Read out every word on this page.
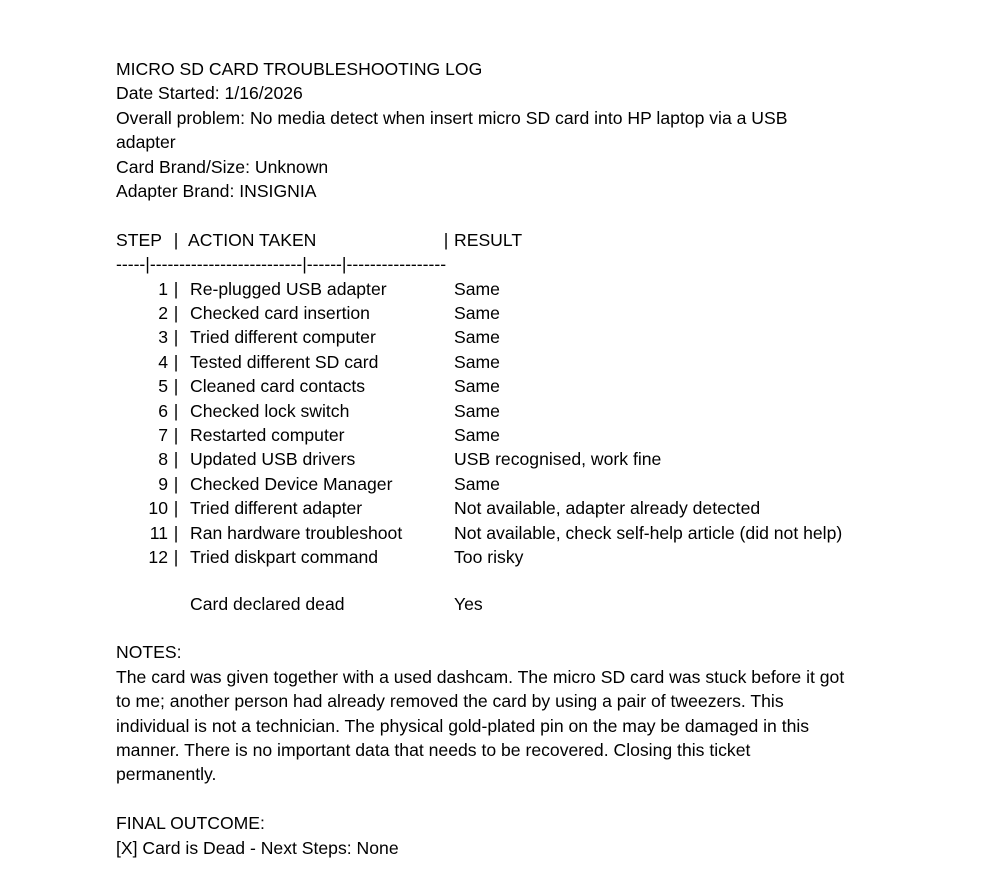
MICRO SD CARD TROUBLESHOOTING LOG
Date Started: 1/16/2026
Overall problem: No media detect when insert micro SD card into HP laptop via a USB adapter
Card Brand/Size: Unknown
Adapter Brand: INSIGNIA
STEP	|	ACTION TAKEN	|	RESULT
-----|--------------------------|------|-----------------				
1	|	Re-plugged USB adapter		Same
2	|	Checked card insertion		Same
3	|	Tried different computer		Same
4	|	Tested different SD card		Same
5	|	Cleaned card contacts		Same
6	|	Checked lock switch		Same
7	|	Restarted computer		Same
8	|	Updated USB drivers		USB recognised, work fine
9	|	Checked Device Manager		Same
10	|	Tried different adapter		Not available, adapter already detected
11	|	Ran hardware troubleshoot		Not available, check self-help article (did not help)
12	|	Tried diskpart command		Too risky

		Card declared dead		Yes
NOTES:
The card was given together with a used dashcam. The micro SD card was stuck before it got to me; another person had already removed the card by using a pair of tweezers. This individual is not a technician. The physical gold-plated pin on the may be damaged in this manner. There is no important data that needs to be recovered. Closing this ticket permanently.
FINAL OUTCOME:
[X] Card is Dead - Next Steps: None
